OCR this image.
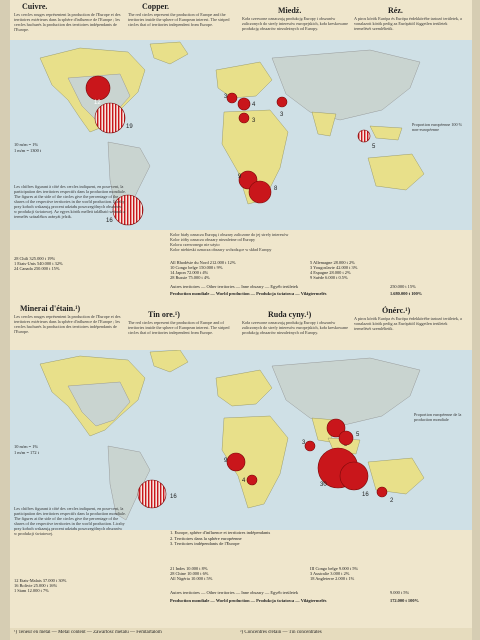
Cuivre.	Copper.	Miedź.	Réz.
Les cercles rouges représentent la production de l'Europe et des territoires extérieurs dans la sphère d'influence de l'Europe ; les cercles hachurés la production des territoires indépendants de l'Europe.
The red circles represent the production of Europe and the territories inside the sphere of European interest. The striped circles that of territories independent from Europe.
Koła czerwone oznaczają produkcję Europy i obszarów zaliczonych do strefy interesów europejskich, koła kreskowane produkcję obszarów niezależnych od Europy.
A piros körök Európa és Európa érdekkörébe tartozó területek, a vonalazott körök pedig az Európától független területek termelését szemléltetik.
12
19
3
4
3
3
5
9
8
16
10 m/m = 1%
1 m/m = 1300 t
Proportion européenne 100 % non-européenne
Les chiffres figurant à côté des cercles indiquent, en pour-cent, la participation des territoires respectifs dans la production mondiale. The figures at the side of the circles give the percentage of the shares of the respective territories in the world production. Liczby przy kołach wskazują procent udziału poszczególnych obszarów w produkcji światowej. Az egyes körök mellett található számok a termelés százalékos arányát jelzik.
Kolor biały oznacza Europę i obszary zaliczone do jej strefy interesów
Kolor żółty oznacza obszary niezależne od Europy
Koloru czerwonego nie użyto
Kolor niebieski oznacza obszary wchodzące w skład Europy
28 Chili 325.000 t 19%
1 Etats-Unis 540.000 t 32%
24 Canada 250.000 t 15%
All Rhodésie du Nord 212.000 t 12%
10 Congo belge 150.000 t 9%
14 Japon 72.000 t 4%
28 Russie 75.000 t 4%
5 Allemagne 28.000 t 2%
3 Yougoslavie 42.000 t 3%
4 Espagne 28.000 t 2%
9 Suède 6.000 t 0.5%
Autres territoires — Other territories — Inne obszary — Egyéb területek	250.000 t 15%
Production mondiale — World production — Produkcja światowa — Világtermelés	1.680.000 t 100%
Minerai d'étain.¹)
Tin ore.¹)	Ruda cyny.¹)	Ónérc.¹)
Les cercles rouges représentent la production de l'Europe et des territoires extérieurs dans la sphère d'influence de l'Europe ; les cercles hachurés la production des territoires indépendants de l'Europe.
The red circles represent the production of Europe and of territories inside the sphere of European interest. The striped circles that of territories independent from Europe.
Koła czerwone oznaczają produkcję Europy i obszarów zaliczonych do strefy interesów europejskich, koła kreskowane produkcję obszarów niezależnych od Europy.
A piros körök Európa és Európa érdekkörébe tartozó területek, a vonalazott körök pedig az Európától független területek termelését szemléltetik.
3
9
4
5
30
16
2
16
10 m/m = 1%
1 m/m = 172 t
Proportion européenne de la production mondiale
Les chiffres figurant à côté des cercles indiquent, en pour-cent, la participation des territoires respectifs dans la production mondiale. The figures at the side of the circles give the percentage of the shares of the respective territories in the world production. Liczby przy kołach wskazują procent udziału poszczególnych obszarów w produkcji światowej.	1. Europe, sphère d'influence et territoires indépendants
2. Territoires dans la sphère européenne
3. Territoires indépendants de l'Europe
12 Etats-Malais 37.000 t 30%
16 Bolivie 25.000 t 16%
1 Siam 12.000 t 7%
21 Indes 10.000 t 8%
28 Chine 10.000 t 6%
All Nigéria 10.000 t 5%
III Congo belge 9.000 t 5%
3 Australie 3.000 t 2%
18 Angleterre 2.000 t 1%
Autres territoires — Other territories — Inne obszary — Egyéb területek	9.000 t 5%
Production mondiale — World production — Produkcja światowa — Világtermelés	172.000 t 100%
¹) Teneur en métal — Metal content — Zawartość metalu — Fémtartalom	²) Concentrés d'étain — Tin concentrates
